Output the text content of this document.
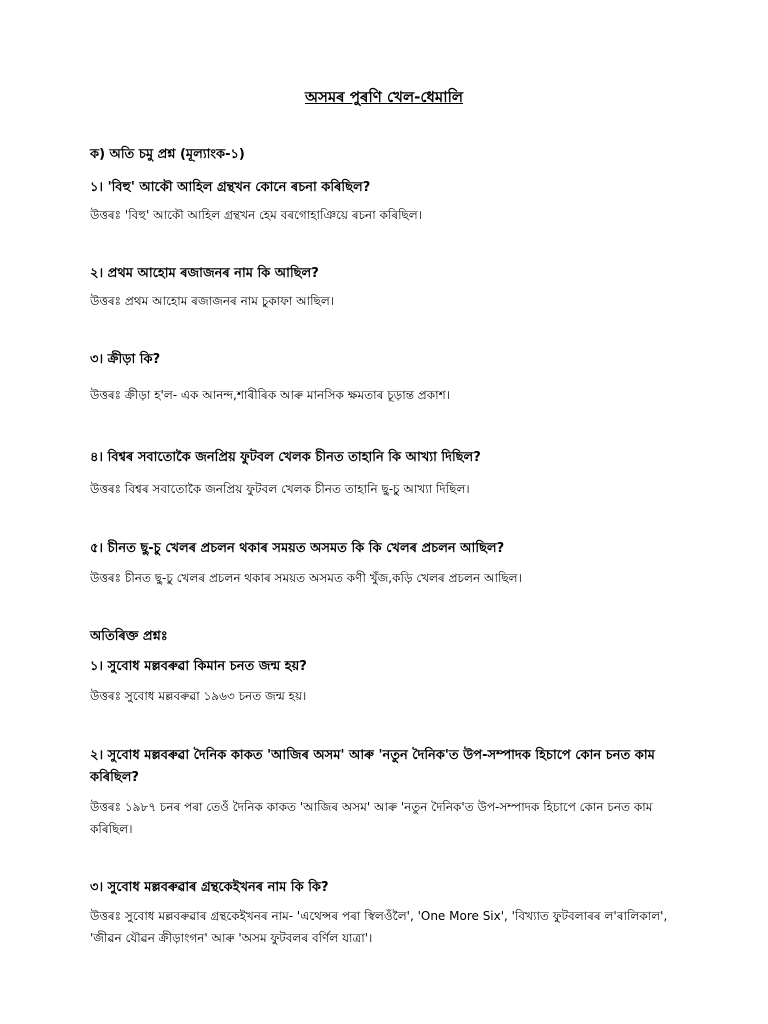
অসমৰ পুৰণি খেল-ধেমালি
ক) অতি চমু প্ৰশ্ন (মূল্যাংক-১)
১। 'বিহু' আকৌ আহিল গ্ৰন্থখন কোনে ৰচনা কৰিছিল?
উত্তৰঃ 'বিহু' আকৌ আহিল গ্ৰন্থখন হেম বৰগোহাঞিয়ে ৰচনা কৰিছিল।
২। প্ৰথম আহোম ৰজাজনৰ নাম কি আছিল?
উত্তৰঃ প্ৰথম আহোম ৰজাজনৰ নাম চুকাফা আছিল।
৩। ক্ৰীড়া কি?
উত্তৰঃ ক্ৰীড়া হ'ল- এক আনন্দ,শাৰীৰিক আৰু মানসিক ক্ষমতাৰ চূড়ান্ত প্ৰকাশ।
৪। বিশ্বৰ সবাতোকৈ জনপ্ৰিয় ফুটবল খেলক চীনত তাহানি কি আখ্যা দিছিল?
উত্তৰঃ বিশ্বৰ সবাতোকৈ জনপ্ৰিয় ফুটবল খেলক চীনত তাহানি ছু-চু আখ্যা দিছিল।
৫। চীনত ছু-চু খেলৰ প্ৰচলন থকাৰ সময়ত অসমত কি কি খেলৰ প্ৰচলন আছিল?
উত্তৰঃ চীনত ছু-চু খেলৰ প্ৰচলন থকাৰ সময়ত অসমত কণী খুঁজ,কড়ি খেলৰ প্ৰচলন আছিল।
অতিৰিক্ত প্ৰশ্নঃ
১। সুবোধ মল্লবৰুৱা কিমান চনত জন্ম হয়?
উত্তৰঃ সুবোধ মল্লবৰুৱা ১৯৬৩ চনত জন্ম হয়।
২। সুবোধ মল্লবৰুৱা দৈনিক কাকত 'আজিৰ অসম' আৰু 'নতুন দৈনিক'ত উপ-সম্পাদক হিচাপে কোন চনত কাম কৰিছিল?
উত্তৰঃ ১৯৮৭ চনৰ পৰা তেওঁ দৈনিক কাকত 'আজিৰ অসম' আৰু 'নতুন দৈনিক'ত উপ-সম্পাদক হিচাপে কোন চনত কাম কৰিছিল।
৩। সুবোধ মল্লবৰুৱাৰ গ্ৰন্থকেইখনৰ নাম কি কি?
উত্তৰঃ সুবোধ মল্লবৰুৱাৰ গ্ৰন্থকেইখনৰ নাম- 'এথেন্সৰ পৰা স্বিলওঁলৈ', 'One More Six', 'বিখ্যাত ফুটবলাৰৰ ল'ৰালিকাল', 'জীৱন যৌৱন ক্ৰীড়াংগন' আৰু 'অসম ফুটবলৰ বৰ্ণিল যাত্ৰা'।
